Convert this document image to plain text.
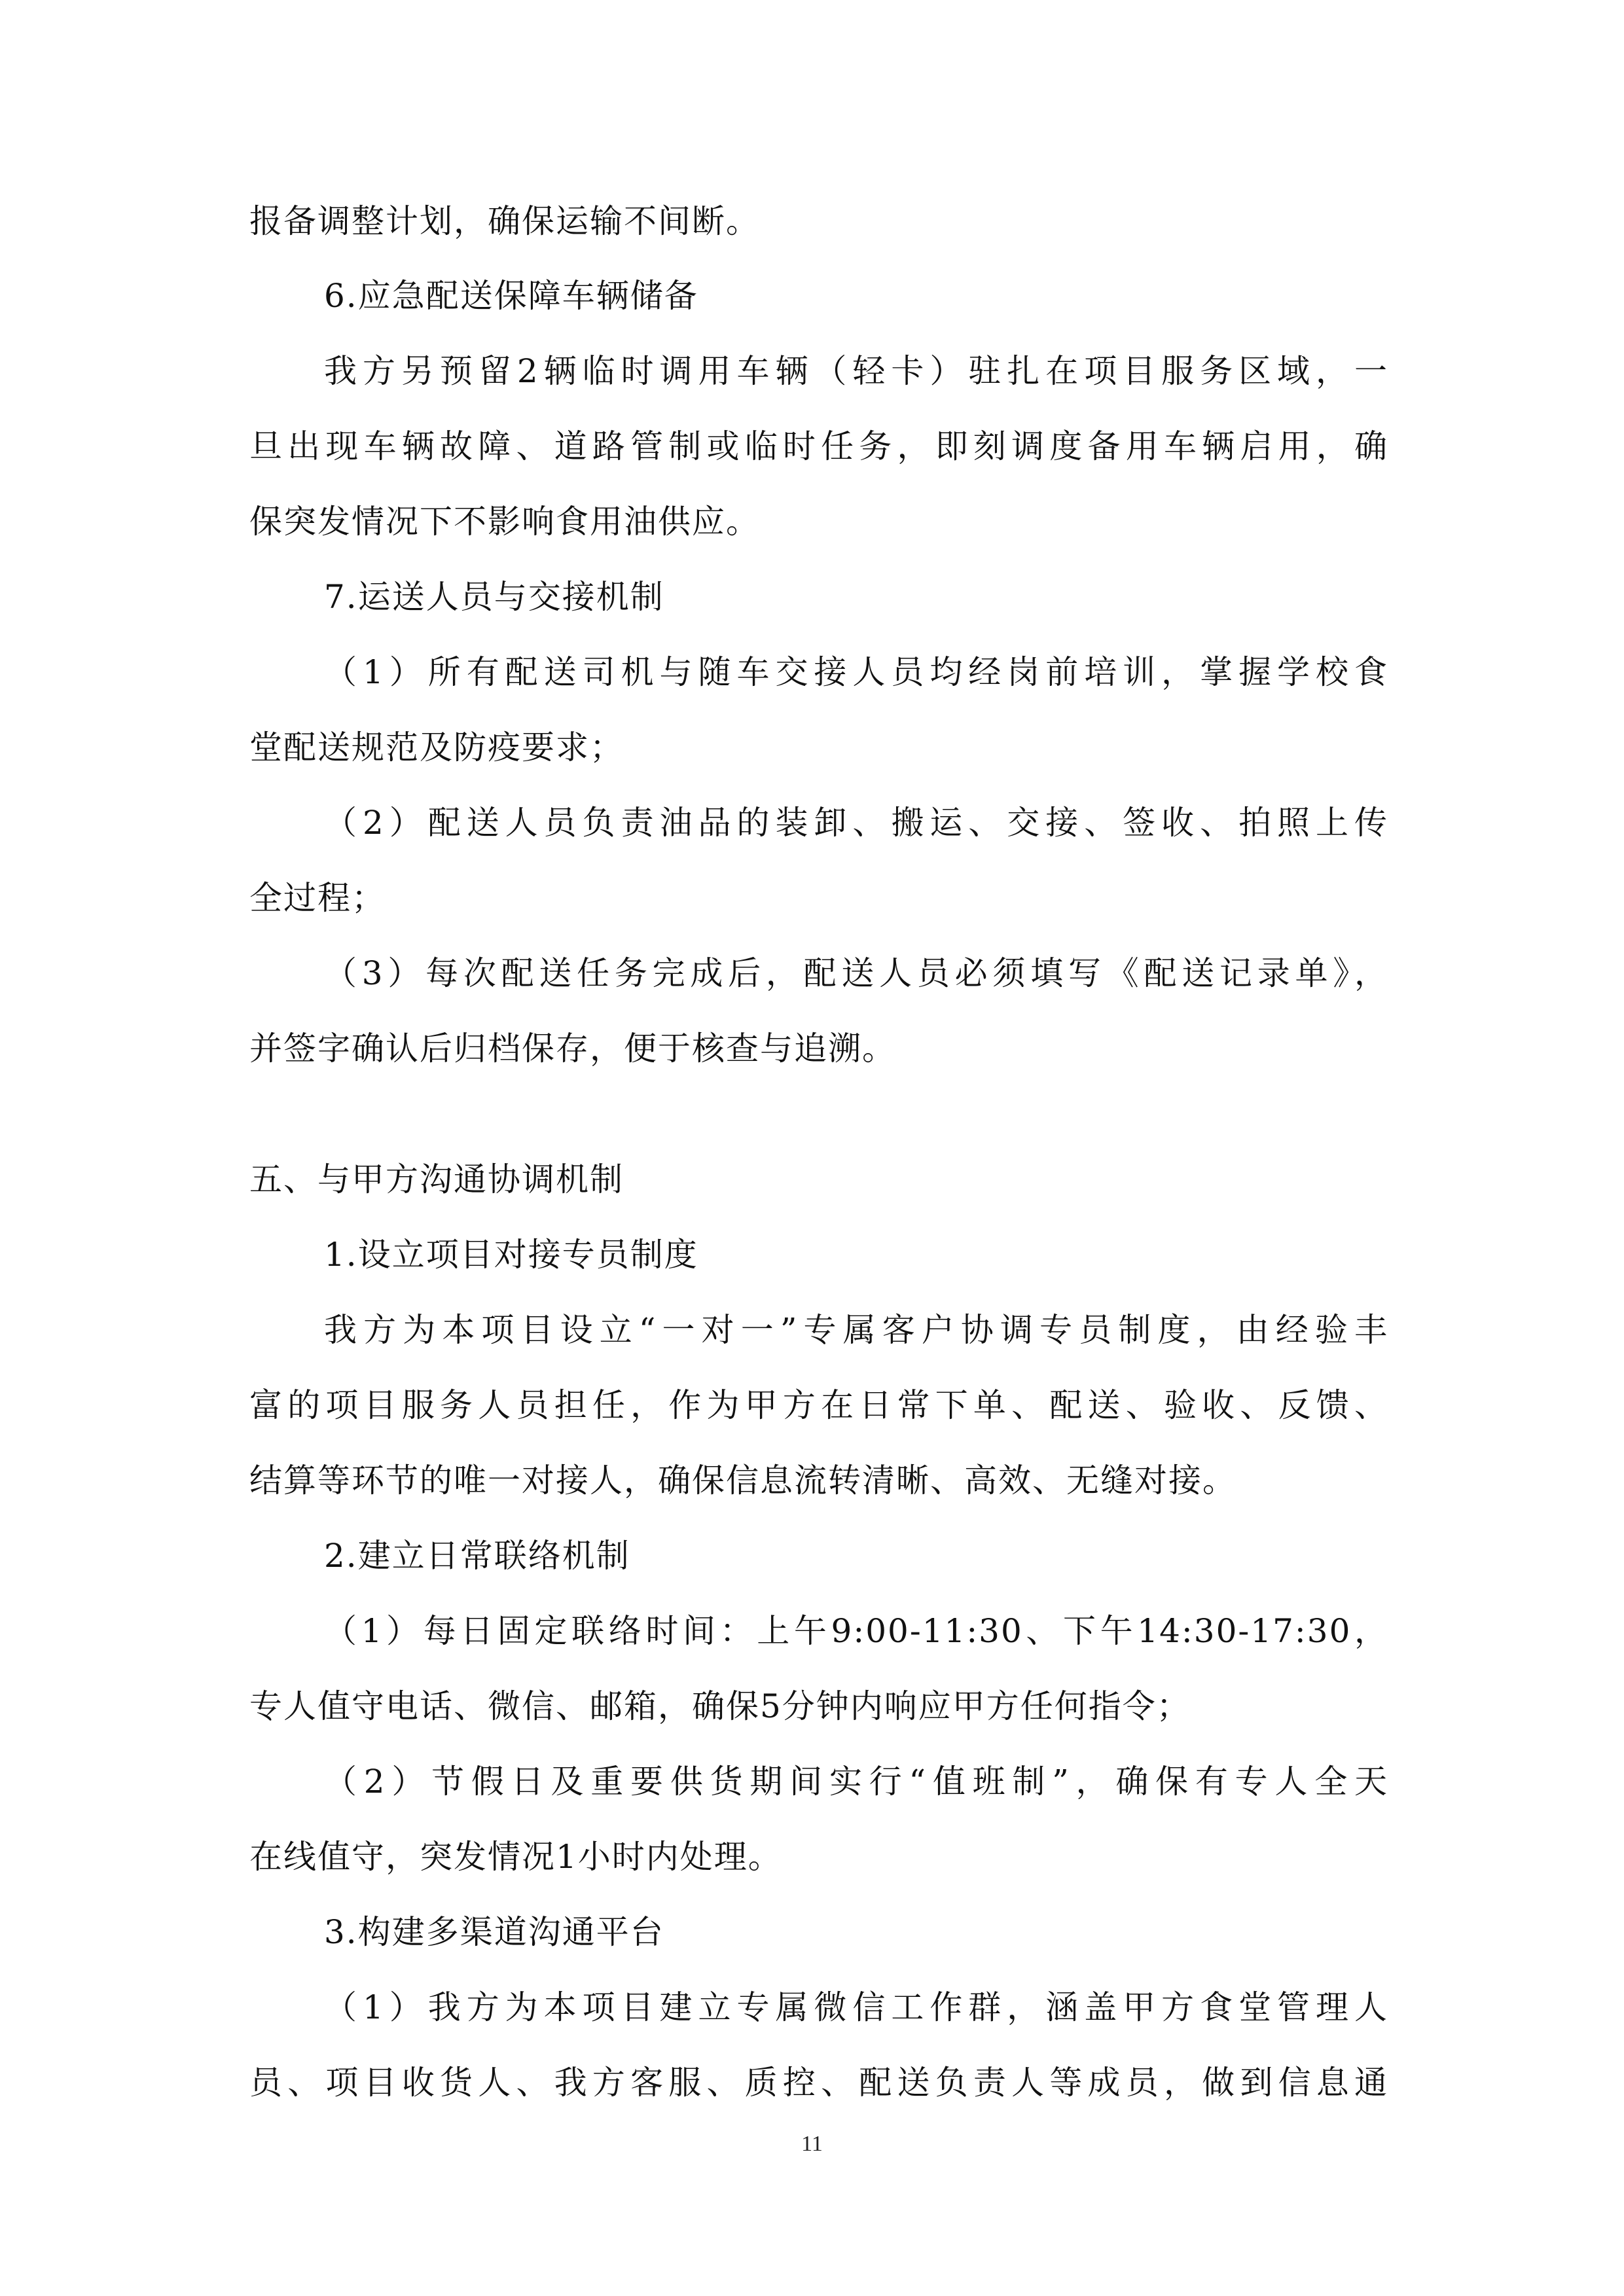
报备调整计划，确保运输不间断。
6.应急配送保障车辆储备
我方另预留2辆临时调用车辆（轻卡）驻扎在项目服务区域，一
旦出现车辆故障、道路管制或临时任务，即刻调度备用车辆启用，确
保突发情况下不影响食用油供应。
7.运送人员与交接机制
（1）所有配送司机与随车交接人员均经岗前培训，掌握学校食
堂配送规范及防疫要求；
（2）配送人员负责油品的装卸、搬运、交接、签收、拍照上传
全过程；
（3）每次配送任务完成后，配送人员必须填写《配送记录单》，
并签字确认后归档保存，便于核查与追溯。
五、与甲方沟通协调机制
1.设立项目对接专员制度
我方为本项目设立“一对一”专属客户协调专员制度，由经验丰
富的项目服务人员担任，作为甲方在日常下单、配送、验收、反馈、
结算等环节的唯一对接人，确保信息流转清晰、高效、无缝对接。
2.建立日常联络机制
（1）每日固定联络时间：上午9:00-11:30、下午14:30-17:30，
专人值守电话、微信、邮箱，确保5分钟内响应甲方任何指令；
（2）节假日及重要供货期间实行“值班制”，确保有专人全天
在线值守，突发情况1小时内处理。
3.构建多渠道沟通平台
（1）我方为本项目建立专属微信工作群，涵盖甲方食堂管理人
员、项目收货人、我方客服、质控、配送负责人等成员，做到信息通
11
